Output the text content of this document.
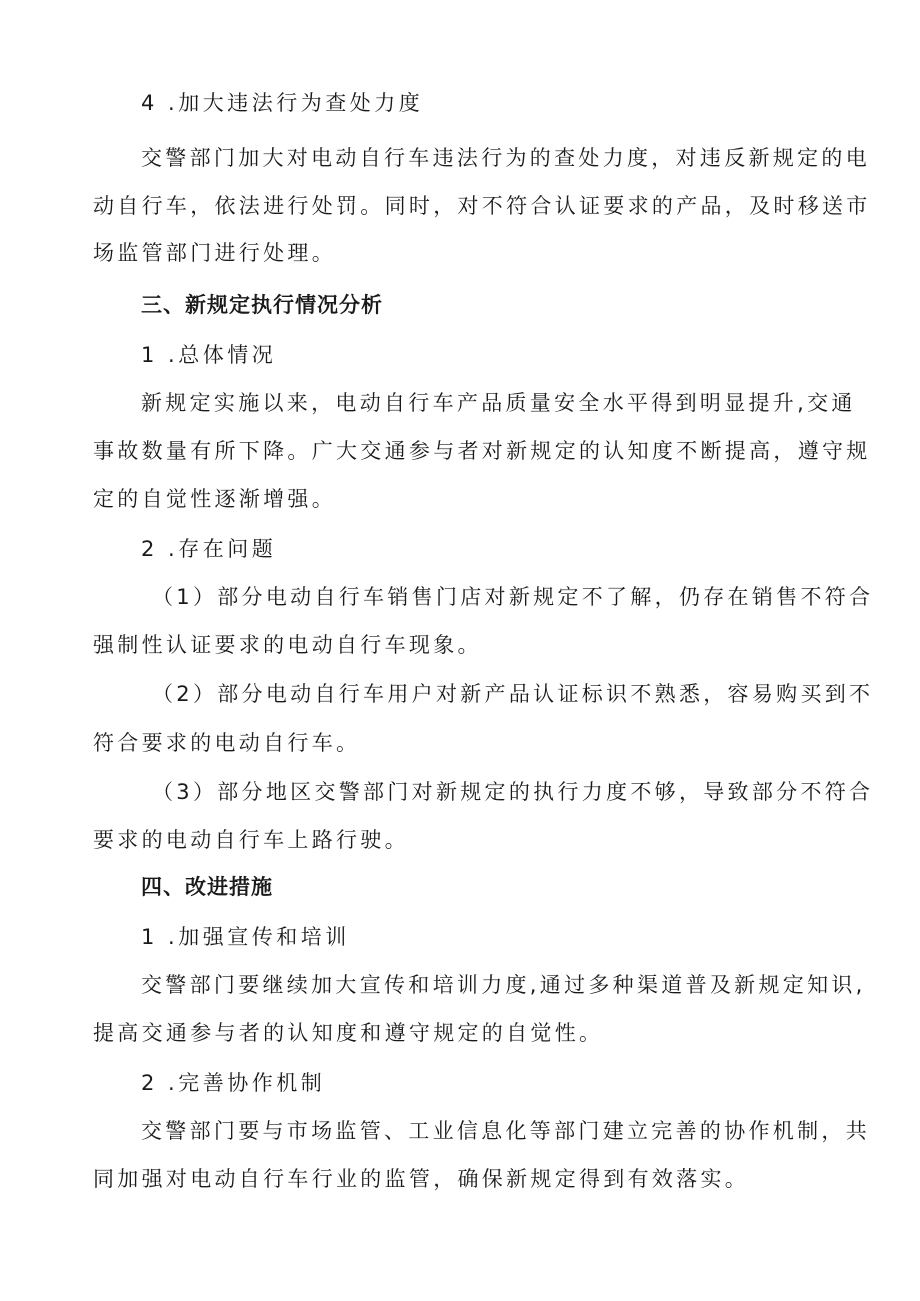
4 .加大违法行为查处力度
交警部门加大对电动自行车违法行为的查处力度，对违反新规定的电
动自行车，依法进行处罚。同时，对不符合认证要求的产品，及时移送市
场监管部门进行处理。
三、新规定执行情况分析
1 .总体情况
新规定实施以来，电动自行车产品质量安全水平得到明显提升,交通
事故数量有所下降。广大交通参与者对新规定的认知度不断提高，遵守规
定的自觉性逐渐增强。
2 .存在问题
（1）部分电动自行车销售门店对新规定不了解，仍存在销售不符合
强制性认证要求的电动自行车现象。
（2）部分电动自行车用户对新产品认证标识不熟悉，容易购买到不
符合要求的电动自行车。
（3）部分地区交警部门对新规定的执行力度不够，导致部分不符合
要求的电动自行车上路行驶。
四、改进措施
1 .加强宣传和培训
交警部门要继续加大宣传和培训力度,通过多种渠道普及新规定知识,
提高交通参与者的认知度和遵守规定的自觉性。
2 .完善协作机制
交警部门要与市场监管、工业信息化等部门建立完善的协作机制，共
同加强对电动自行车行业的监管，确保新规定得到有效落实。
